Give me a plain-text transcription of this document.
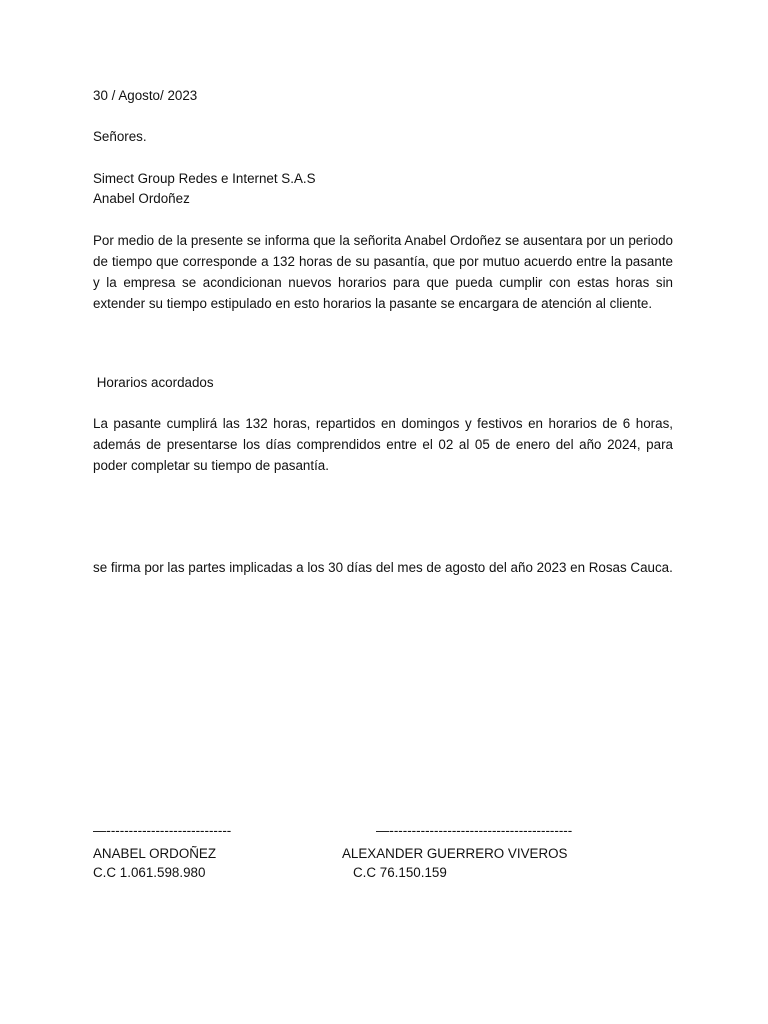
30 / Agosto/ 2023
Señores.
Simect Group Redes e Internet S.A.S
Anabel Ordoñez
Por medio de la presente se informa que la señorita Anabel Ordoñez se ausentara por un periodo de tiempo que corresponde a 132 horas de su pasantía, que por mutuo acuerdo entre la pasante y la empresa se acondicionan nuevos horarios para que pueda cumplir con estas horas sin extender su tiempo estipulado en esto horarios la pasante se encargara de atención al cliente.
Horarios acordados
La pasante cumplirá las 132 horas, repartidos en domingos y festivos en horarios de 6 horas, además de presentarse los días comprendidos entre el 02 al 05 de enero del año 2024, para poder completar su tiempo de pasantía.
se firma por las partes implicadas a los 30 días del mes de agosto del año 2023 en Rosas Cauca.
—----------------------------
ANABEL ORDOÑEZ
C.C 1.061.598.980
—-----------------------------------------
ALEXANDER GUERRERO VIVEROS
C.C 76.150.159
